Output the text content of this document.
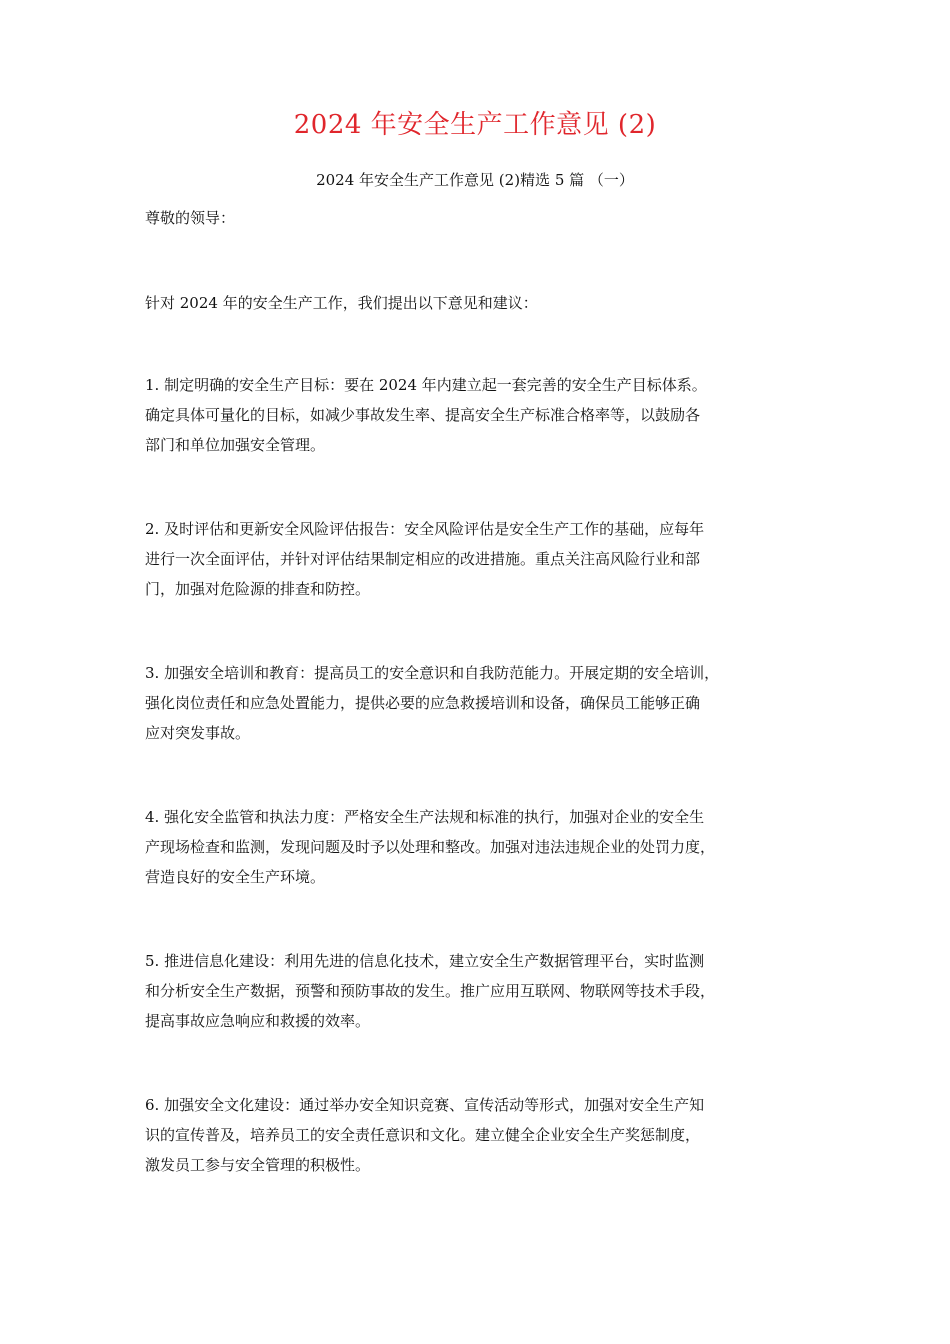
2024 年安全生产工作意见 (2)

2024 年安全生产工作意见 (2)精选 5 篇 （一）

尊敬的领导：

针对 2024 年的安全生产工作，我们提出以下意见和建议：

1. 制定明确的安全生产目标：要在 2024 年内建立起一套完善的安全生产目标体系。
确定具体可量化的目标，如减少事故发生率、提高安全生产标准合格率等，以鼓励各
部门和单位加强安全管理。

2. 及时评估和更新安全风险评估报告：安全风险评估是安全生产工作的基础，应每年
进行一次全面评估，并针对评估结果制定相应的改进措施。重点关注高风险行业和部
门，加强对危险源的排查和防控。

3. 加强安全培训和教育：提高员工的安全意识和自我防范能力。开展定期的安全培训，
强化岗位责任和应急处置能力，提供必要的应急救援培训和设备，确保员工能够正确
应对突发事故。

4. 强化安全监管和执法力度：严格安全生产法规和标准的执行，加强对企业的安全生
产现场检查和监测，发现问题及时予以处理和整改。加强对违法违规企业的处罚力度，
营造良好的安全生产环境。

5. 推进信息化建设：利用先进的信息化技术，建立安全生产数据管理平台，实时监测
和分析安全生产数据，预警和预防事故的发生。推广应用互联网、物联网等技术手段，
提高事故应急响应和救援的效率。

6. 加强安全文化建设：通过举办安全知识竞赛、宣传活动等形式，加强对安全生产知
识的宣传普及，培养员工的安全责任意识和文化。建立健全企业安全生产奖惩制度，
激发员工参与安全管理的积极性。
